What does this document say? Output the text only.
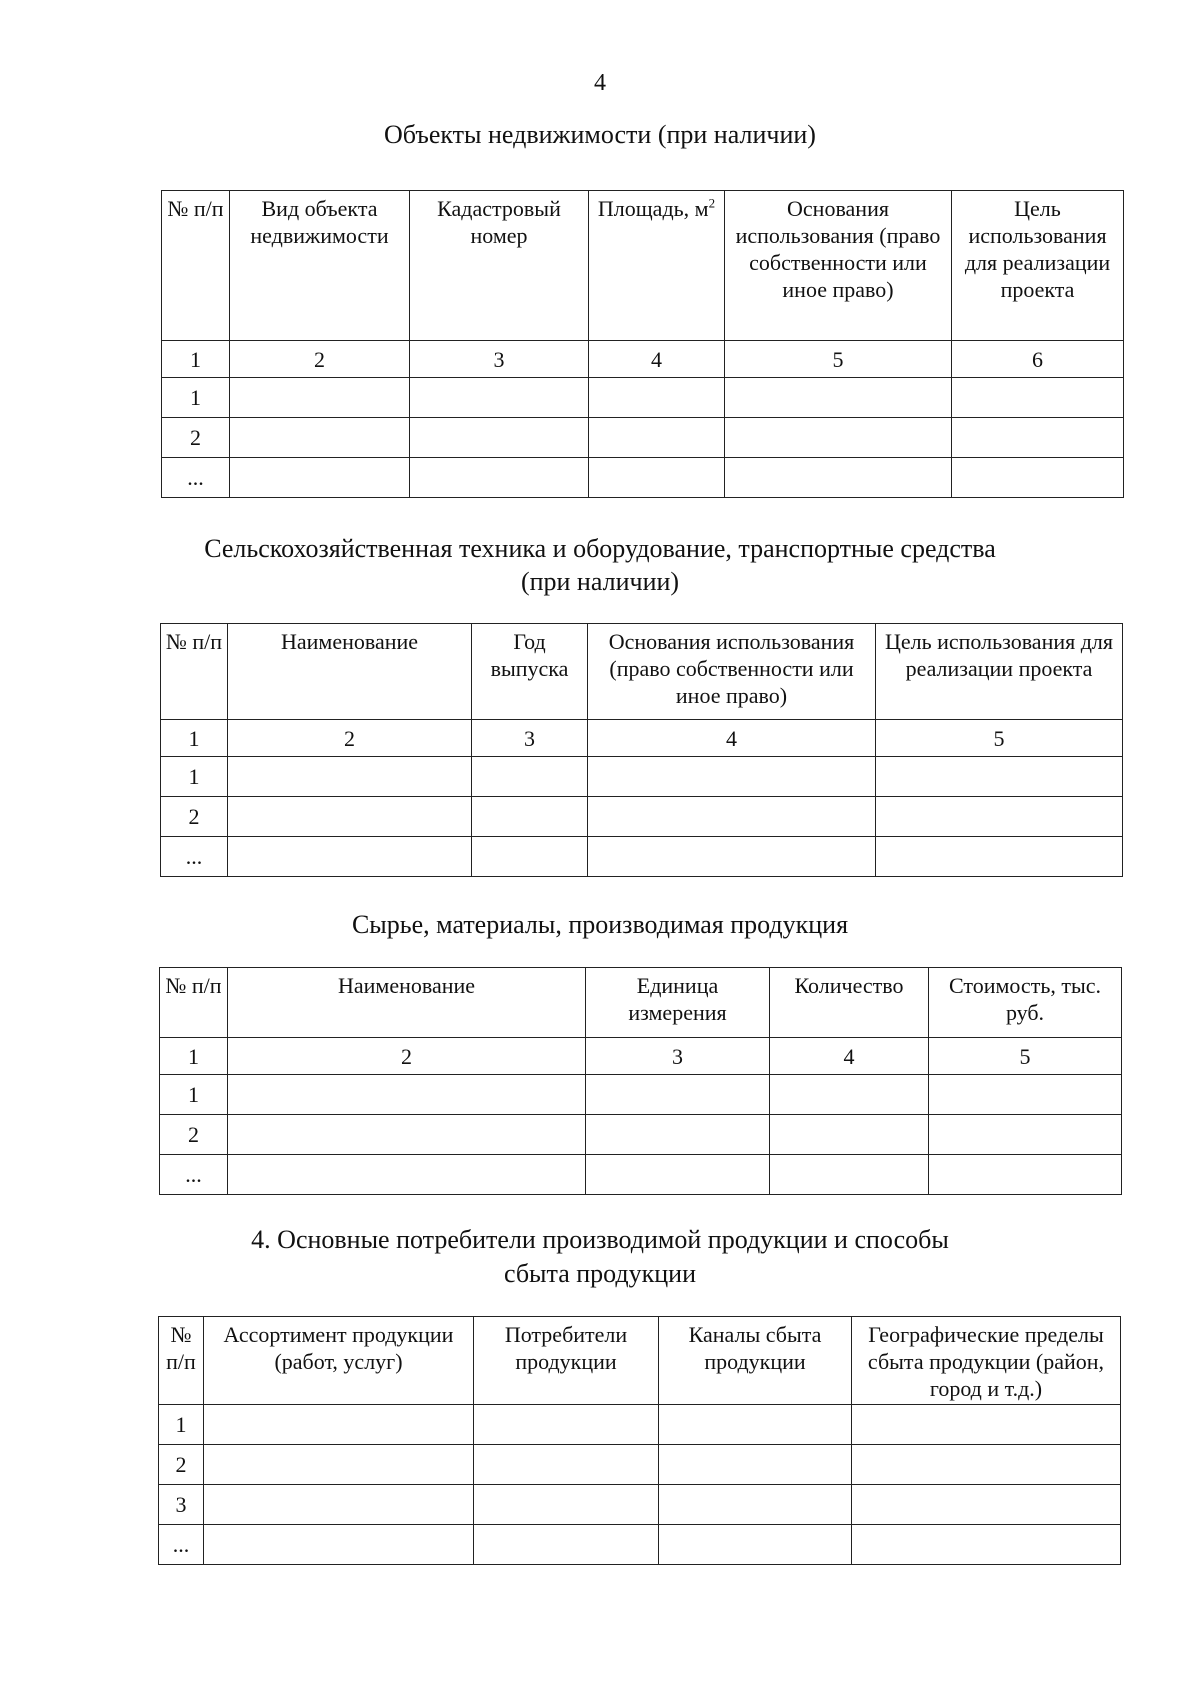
4
Объекты недвижимости (при наличии)
№ п/п	Вид объекта недвижимости	Кадастровый номер	Площадь, $м^2$	Основания использования (право собственности или иное право)	Цель использования для реализации проекта
1	2	3	4	5	6
1					
2					
...					
Сельскохозяйственная техника и оборудование, транспортные средства
(при наличии)
№ п/п	Наименование	Год выпуска	Основания использования (право собственности или иное право)	Цель использования для реализации проекта
1	2	3	4	5
1				
2				
...				
Сырье, материалы, производимая продукция
№ п/п	Наименование	Единица измерения	Количество	Стоимость, тыс. руб.
1	2	3	4	5
1				
2				
...				
4. Основные потребители производимой продукции и способы
сбыта продукции
№ п/п	Ассортимент продукции (работ, услуг)	Потребители продукции	Каналы сбыта продукции	Географические пределы сбыта продукции (район, город и т.д.)
1				
2				
3				
...				
